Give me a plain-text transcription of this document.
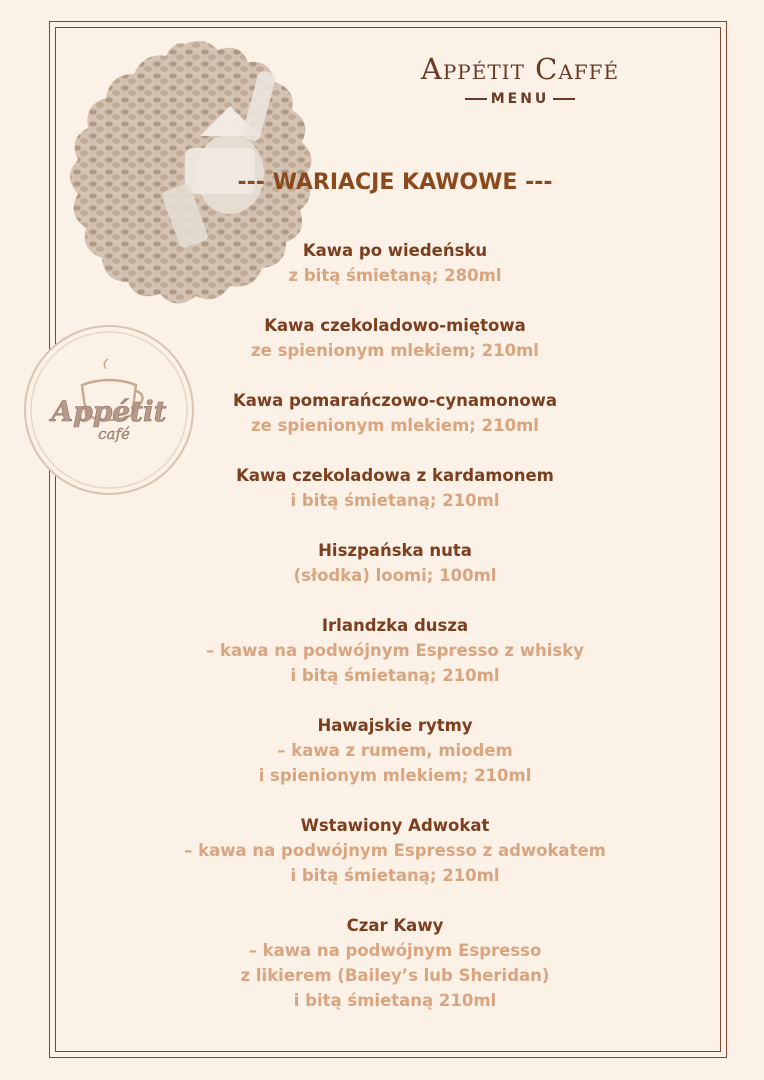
Appétit
café
Appétit Caffé
MENU
--- WARIACJE KAWOWE ---
Kawa po wiedeńsku
z bitą śmietaną; 280ml
Kawa czekoladowo-miętowa
ze spienionym mlekiem; 210ml
Kawa pomarańczowo-cynamonowa
ze spienionym mlekiem; 210ml
Kawa czekoladowa z kardamonem
i bitą śmietaną; 210ml
Hiszpańska nuta
(słodka) loomi; 100ml
Irlandzka dusza
– kawa na podwójnym Espresso z whisky
i bitą śmietaną; 210ml
Hawajskie rytmy
– kawa z rumem, miodem
i spienionym mlekiem; 210ml
Wstawiony Adwokat
– kawa na podwójnym Espresso z adwokatem
i bitą śmietaną; 210ml
Czar Kawy
– kawa na podwójnym Espresso
z likierem (Bailey’s lub Sheridan)
i bitą śmietaną 210ml
